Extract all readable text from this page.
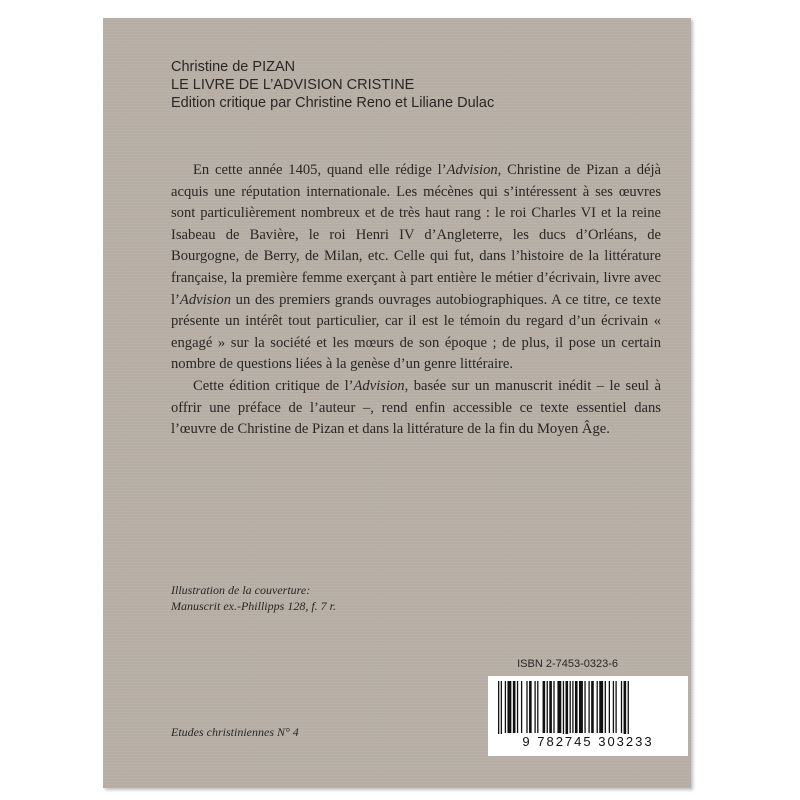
Christine de PIZAN
LE LIVRE DE L’ADVISION CRISTINE
Edition critique par Christine Reno et Liliane Dulac

En cette année 1405, quand elle rédige l’Advision, Christine de Pizan a déjà acquis une réputation internationale. Les mécènes qui s’intéressent à ses œuvres sont particulièrement nombreux et de très haut rang : le roi Charles VI et la reine Isabeau de Bavière, le roi Henri IV d’Angleterre, les ducs d’Orléans, de Bourgogne, de Berry, de Milan, etc. Celle qui fut, dans l’histoire de la littérature française, la première femme exerçant à part entière le métier d’écrivain, livre avec l’Advision un des premiers grands ouvrages autobiographiques. A ce titre, ce texte présente un intérêt tout particulier, car il est le témoin du regard d’un écrivain « engagé » sur la société et les mœurs de son époque ; de plus, il pose un certain nombre de questions liées à la genèse d’un genre littéraire.

Cette édition critique de l’Advision, basée sur un manuscrit inédit – le seul à offrir une préface de l’auteur –, rend enfin accessible ce texte essentiel dans l’œuvre de Christine de Pizan et dans la littérature de la fin du Moyen Âge.

Illustration de la couverture:
Manuscrit ex.-Phillipps 128, f. 7 r.
Etudes christiniennes N° 4
ISBN 2-7453-0323-6
9 782745 303233
